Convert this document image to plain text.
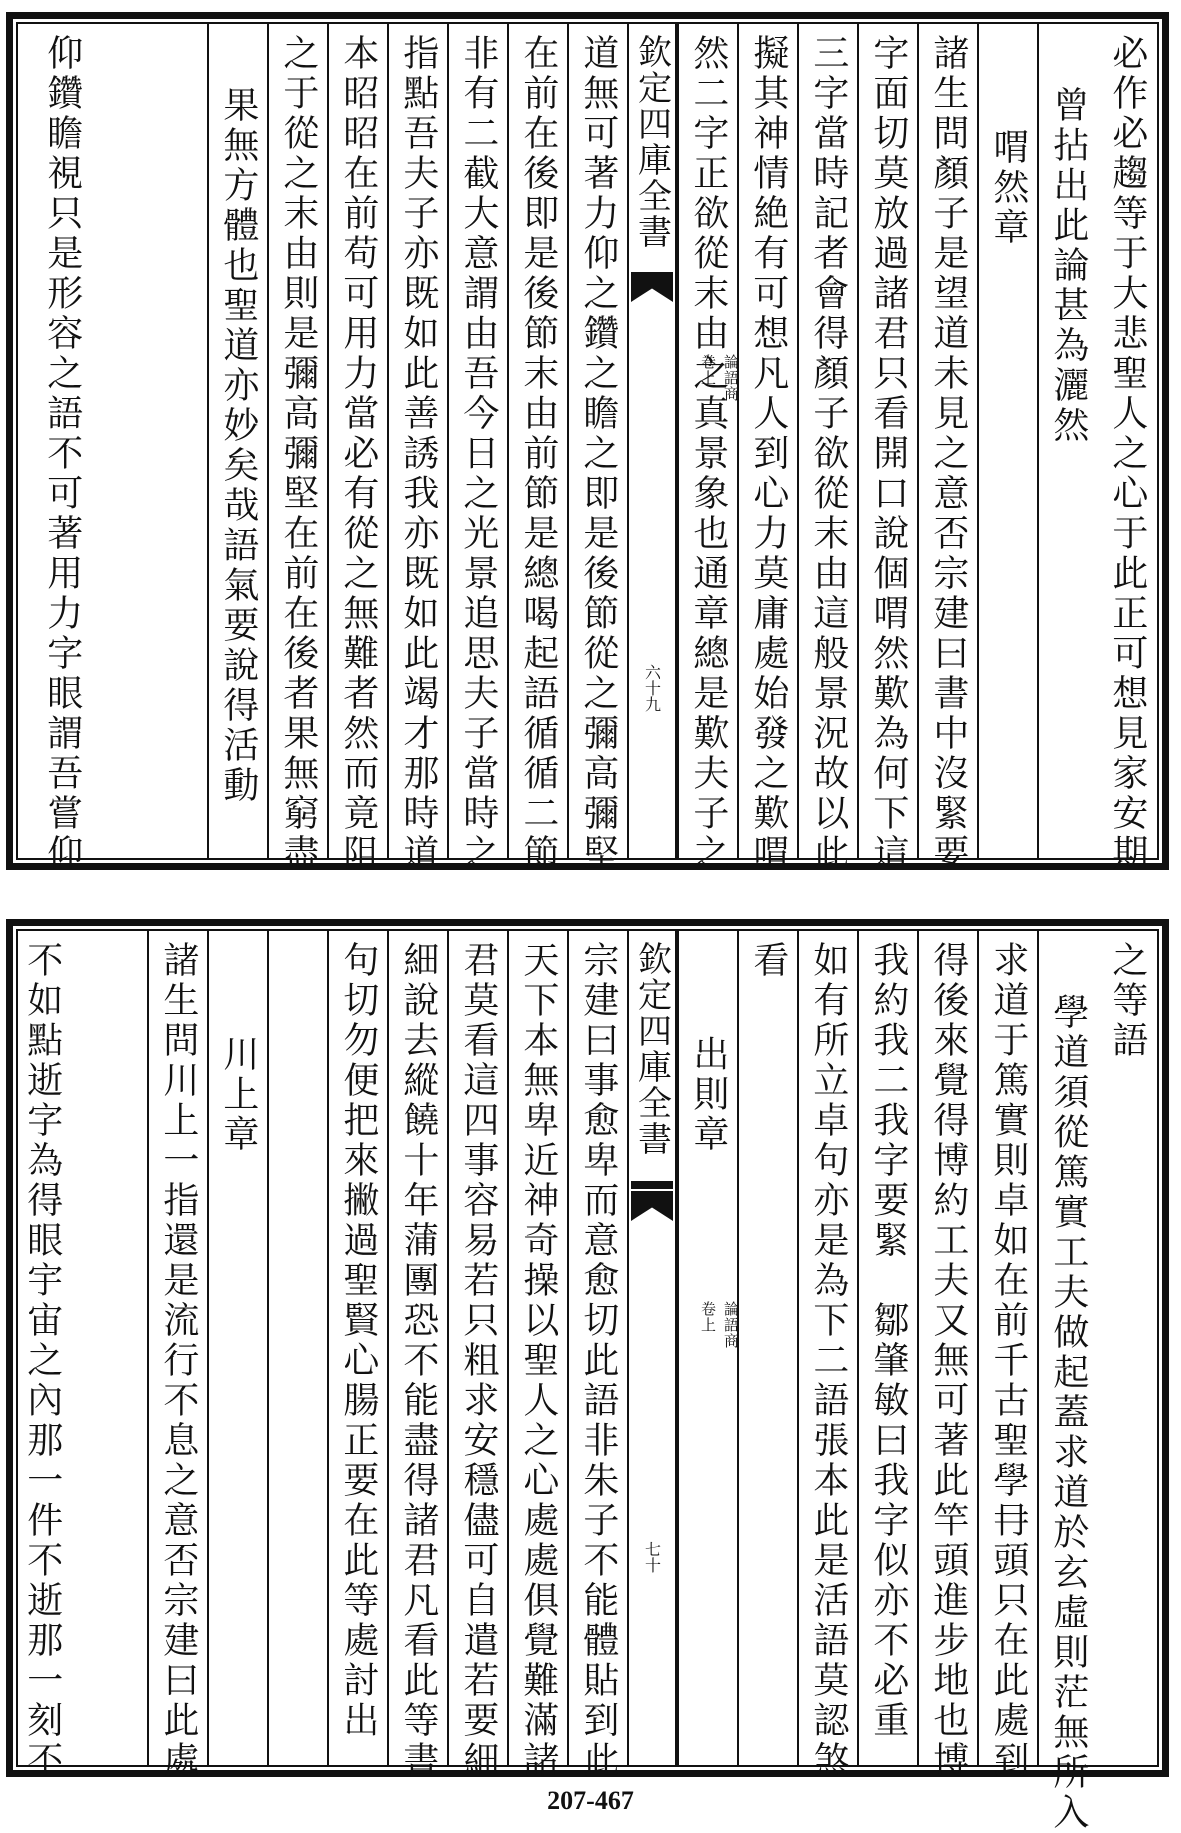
必作必趨等于大悲聖人之心于此正可想見家安期
曾拈出此論甚為灑然
喟然章
諸生問顏子是望道未見之意否宗建曰書中沒緊要
字面切莫放過諸君只看開口說個喟然歎為何下這
三字當時記者會得顏子欲從末由這般景況故以此
擬其神情絶有可想凡人到心力莫庸處始發之歎喟
然二字正欲從末由之真景象也通章總是歎夫子之
欽定四庫全書
論語商
卷上
六十九
道無可著力仰之鑽之瞻之即是後節從之彌高彌堅
在前在後即是後節末由前節是總喝起語循循二節
非有二截大意謂由吾今日之光景追思夫子當時之
指點吾夫子亦既如此善誘我亦既如此竭才那時道
本昭昭在前苟可用力當必有從之無難者然而竟阻
之于從之末由則是彌高彌堅在前在後者果無窮盡
果無方體也聖道亦妙矣哉語氣要說得活動
仰鑽瞻視只是形容之語不可著用力字眼謂吾嘗仰
之等語
學道須從篤實工夫做起蓋求道於玄虛則茫無所入
求道于篤實則卓如在前千古聖學冄頭只在此處到
得後來覺得博約工夫又無可著此竿頭進步地也博
我約我二我字要緊　鄒肇敏曰我字似亦不必重
如有所立卓句亦是為下二語張本此是活語莫認煞
看
出則章
欽定四庫全書
論語商
卷上
七十
宗建曰事愈卑而意愈切此語非朱子不能體貼到此
天下本無卑近神奇操以聖人之心處處俱覺難滿諸
君莫看這四事容易若只粗求安穩儘可自遣若要細
細說去縱饒十年蒲團恐不能盡得諸君凡看此等書
句切勿便把來撇過聖賢心腸正要在此等處討出
川上章
諸生問川上一指還是流行不息之意否宗建曰此處
不如點逝字為得眼宇宙之內那一件不逝那一刻不
207-467
